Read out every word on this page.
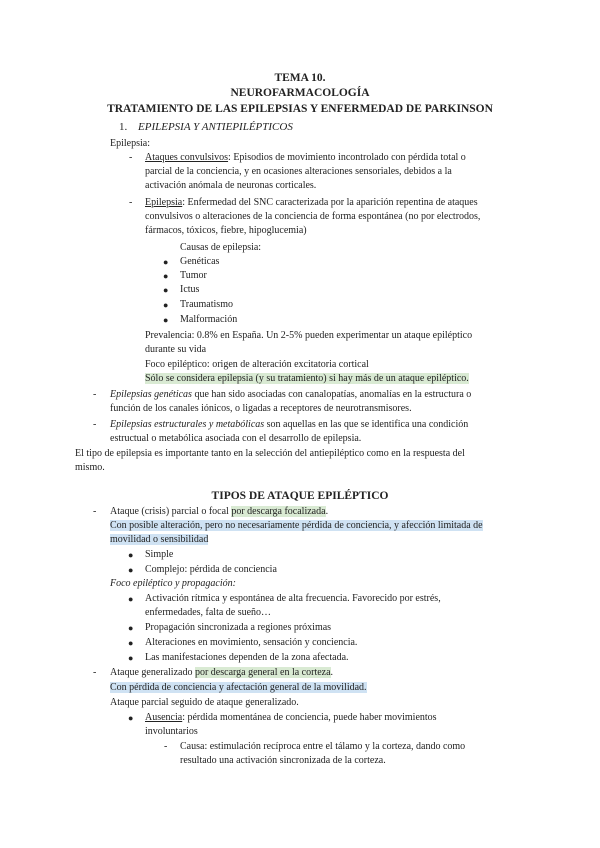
TEMA 10.
NEUROFARMACOLOGÍA
TRATAMIENTO DE LAS EPILEPSIAS Y ENFERMEDAD DE PARKINSON
1. EPILEPSIA Y ANTIEPILÉPTICOS
Epilepsia:
- Ataques convulsivos: Episodios de movimiento incontrolado con pérdida total o
parcial de la conciencia, y en ocasiones alteraciones sensoriales, debidos a la
activación anómala de neuronas corticales.
- Epilepsia: Enfermedad del SNC caracterizada por la aparición repentina de ataques
convulsivos o alteraciones de la conciencia de forma espontánea (no por electrodos,
fármacos, tóxicos, fiebre, hipoglucemia)
Causas de epilepsia:
● Genéticas
● Tumor
● Ictus
● Traumatismo
● Malformación
Prevalencia: 0.8% en España. Un 2-5% pueden experimentar un ataque epiléptico
durante su vida
Foco epiléptico: origen de alteración excitatoria cortical
Sólo se considera epilepsia (y su tratamiento) si hay más de un ataque epiléptico.
- Epilepsias genéticas que han sido asociadas con canalopatías, anomalías en la estructura o
función de los canales iónicos, o ligadas a receptores de neurotransmisores.
- Epilepsias estructurales y metabólicas son aquellas en las que se identifica una condición
estructual o metabólica asociada con el desarrollo de epilepsia.
El tipo de epilepsia es importante tanto en la selección del antiepiléptico como en la respuesta del
mismo.
TIPOS DE ATAQUE EPILÉPTICO
- Ataque (crisis) parcial o focal por descarga focalizada.
Con posible alteración, pero no necesariamente pérdida de conciencia, y afección limitada de
movilidad o sensibilidad
● Simple
● Complejo: pérdida de conciencia
Foco epiléptico y propagación:
● Activación rítmica y espontánea de alta frecuencia. Favorecido por estrés,
enfermedades, falta de sueño…
● Propagación sincronizada a regiones próximas
● Alteraciones en movimiento, sensación y conciencia.
● Las manifestaciones dependen de la zona afectada.
- Ataque generalizado por descarga general en la corteza.
Con pérdida de conciencia y afectación general de la movilidad.
Ataque parcial seguido de ataque generalizado.
● Ausencia: pérdida momentánea de conciencia, puede haber movimientos
involuntarios
- Causa: estimulación recíproca entre el tálamo y la corteza, dando como
resultado una activación sincronizada de la corteza.
